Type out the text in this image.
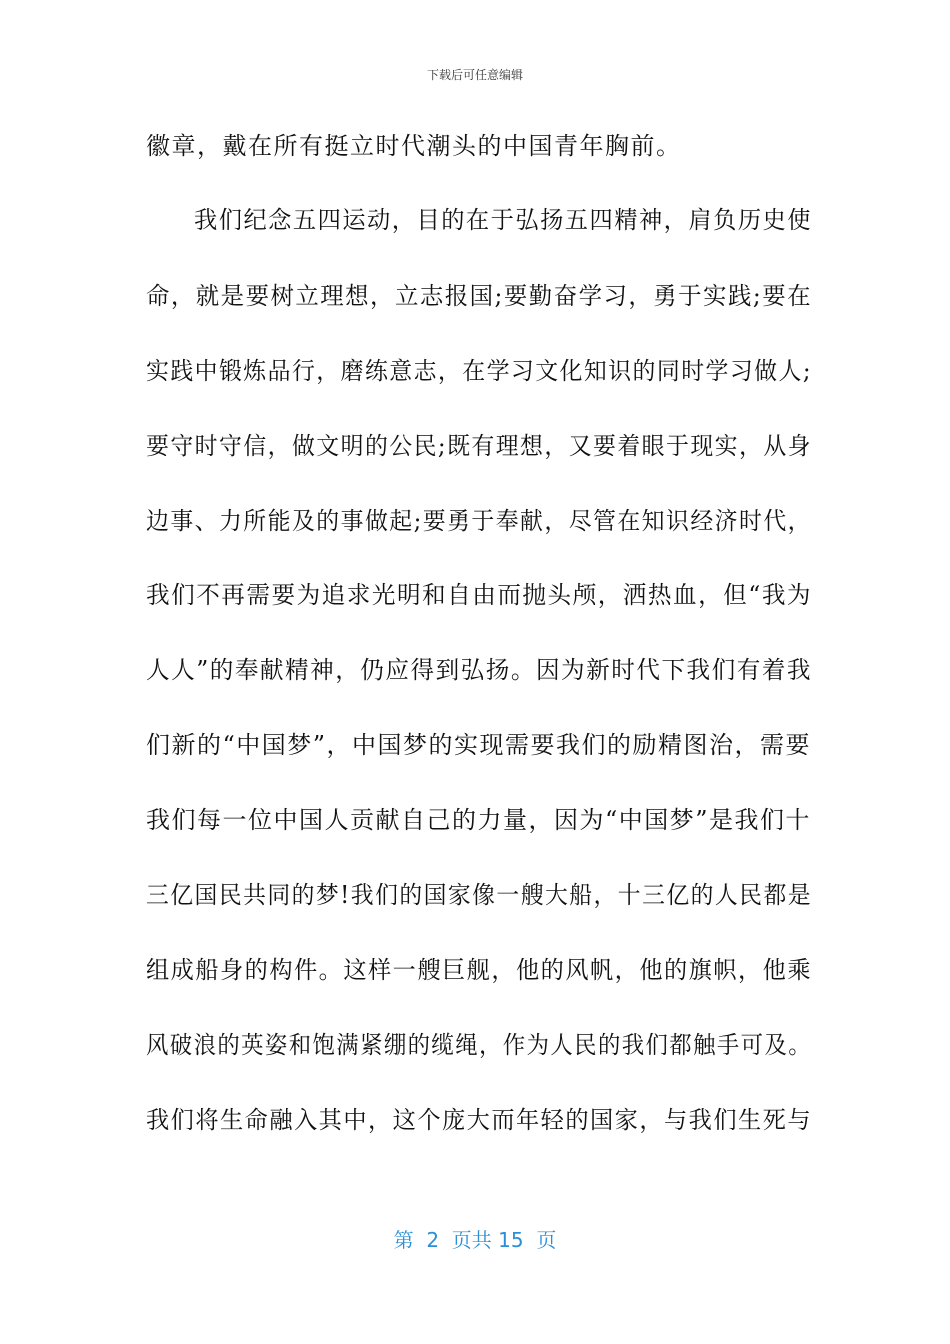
下载后可任意编辑
徽章，戴在所有挺立时代潮头的中国青年胸前。
我们纪念五四运动，目的在于弘扬五四精神，肩负历史使
命，就是要树立理想，立志报国;要勤奋学习，勇于实践;要在
实践中锻炼品行，磨练意志，在学习文化知识的同时学习做人;
要守时守信，做文明的公民;既有理想，又要着眼于现实，从身
边事、力所能及的事做起;要勇于奉献，尽管在知识经济时代，
我们不再需要为追求光明和自由而抛头颅，洒热血，但“我为
人人”的奉献精神，仍应得到弘扬。因为新时代下我们有着我
们新的“中国梦”，中国梦的实现需要我们的励精图治，需要
我们每一位中国人贡献自己的力量，因为“中国梦”是我们十
三亿国民共同的梦!我们的国家像一艘大船，十三亿的人民都是
组成船身的构件。这样一艘巨舰，他的风帆，他的旗帜，他乘
风破浪的英姿和饱满紧绷的缆绳，作为人民的我们都触手可及。
我们将生命融入其中，这个庞大而年轻的国家，与我们生死与
第  2  页共 15  页
